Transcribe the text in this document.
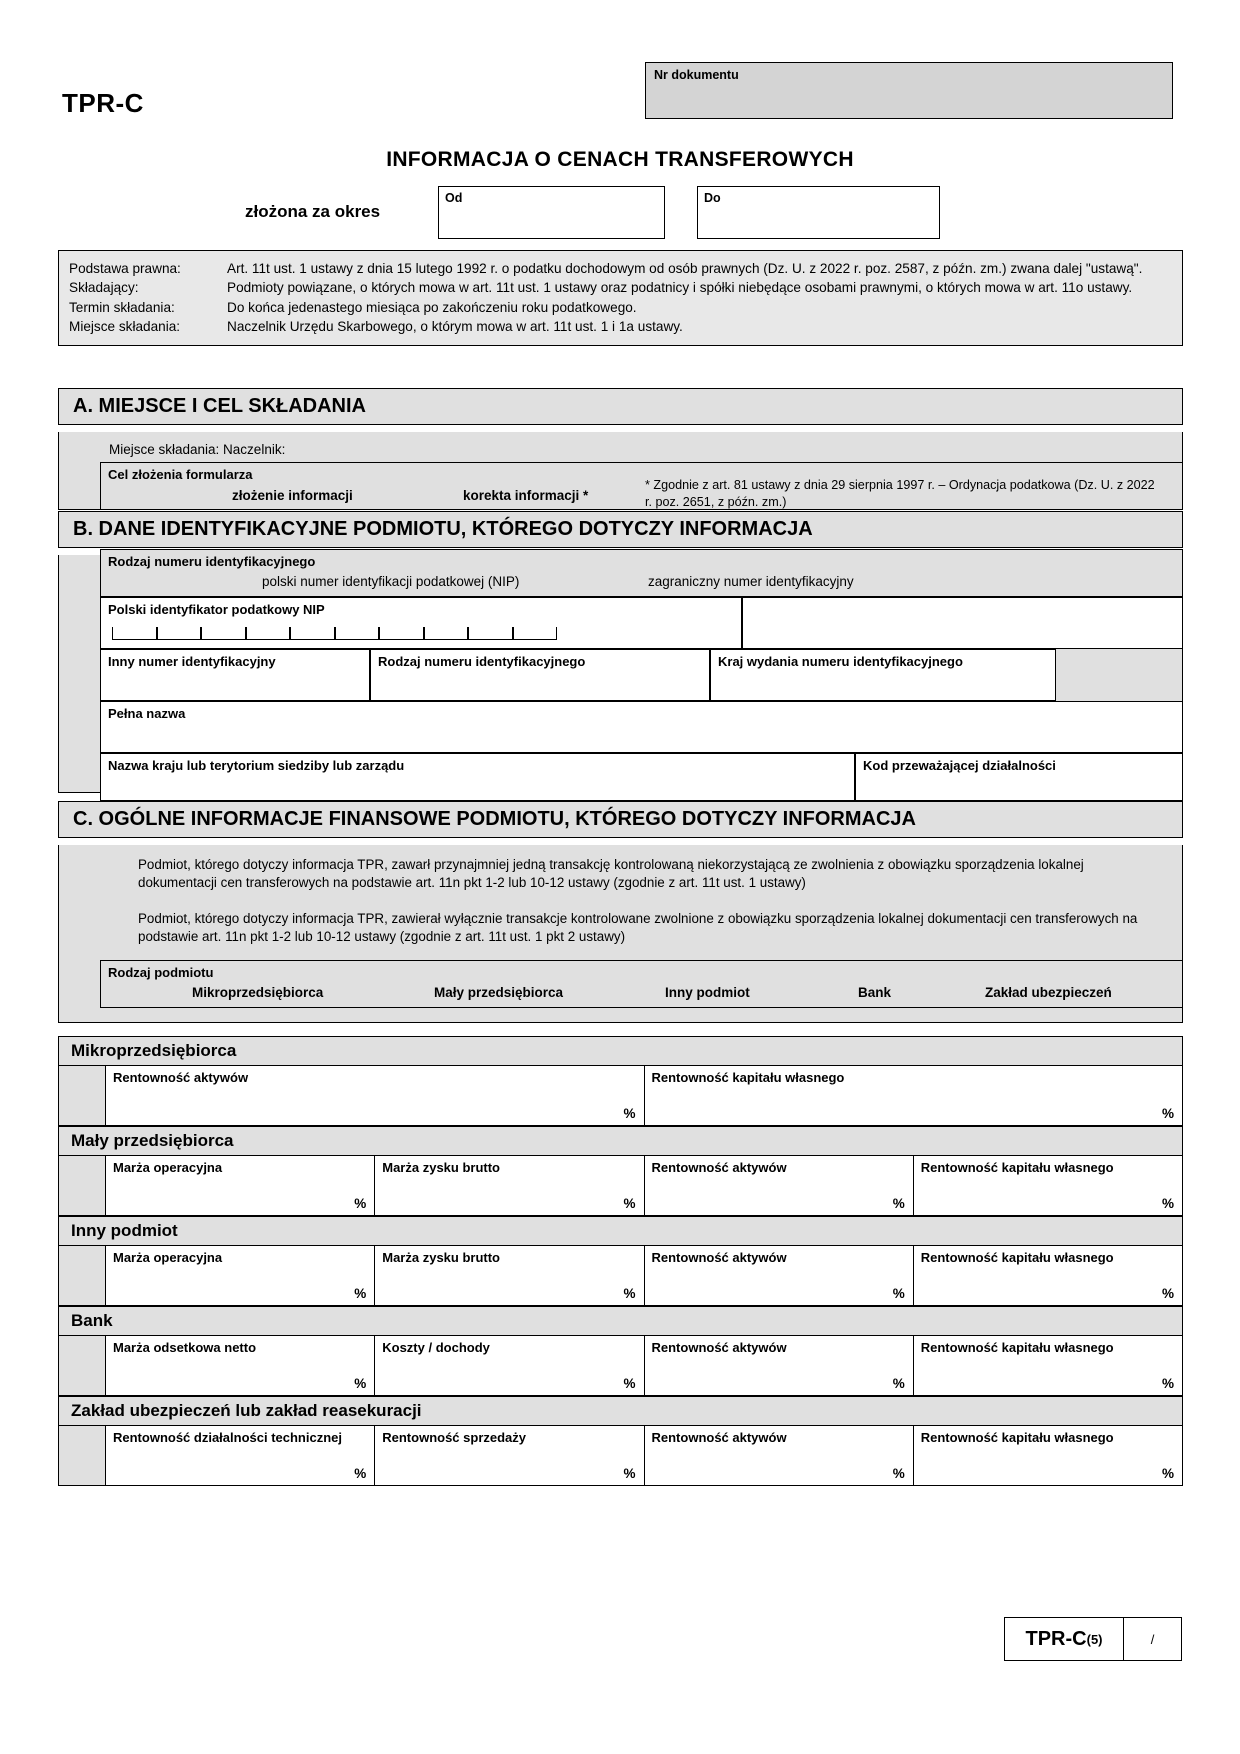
TPR-C
Nr dokumentu
INFORMACJA O CENACH TRANSFEROWYCH
złożona za okres
Od	Do
Podstawa prawna:	Art. 11t ust. 1 ustawy z dnia 15 lutego 1992 r. o podatku dochodowym od osób prawnych (Dz. U. z 2022 r. poz. 2587, z późn. zm.) zwana dalej "ustawą".
Składający:	Podmioty powiązane, o których mowa w art. 11t ust. 1 ustawy oraz podatnicy i spółki niebędące osobami prawnymi, o których mowa w art. 11o ustawy.
Termin składania:	Do końca jedenastego miesiąca po zakończeniu roku podatkowego.
Miejsce składania:	Naczelnik Urzędu Skarbowego, o którym mowa w art. 11t ust. 1 i 1a ustawy.
A. MIEJSCE I CEL SKŁADANIA
Miejsce składania: Naczelnik:
Cel złożenia formularza
złożenie informacji	korekta informacji *
* Zgodnie z art. 81 ustawy z dnia 29 sierpnia 1997 r. – Ordynacja podatkowa (Dz. U. z 2022 r. poz. 2651, z późn. zm.)
B. DANE IDENTYFIKACYJNE PODMIOTU, KTÓREGO DOTYCZY INFORMACJA
Rodzaj numeru identyfikacyjnego
polski numer identyfikacji podatkowej (NIP)	zagraniczny numer identyfikacyjny
Polski identyfikator podatkowy NIP
Inny numer identyfikacyjny	Rodzaj numeru identyfikacyjnego	Kraj wydania numeru identyfikacyjnego
Pełna nazwa
Nazwa kraju lub terytorium siedziby lub zarządu	Kod przeważającej działalności
C. OGÓLNE INFORMACJE FINANSOWE PODMIOTU, KTÓREGO DOTYCZY INFORMACJA
Podmiot, którego dotyczy informacja TPR, zawarł przynajmniej jedną transakcję kontrolowaną niekorzystającą ze zwolnienia z obowiązku sporządzenia lokalnej dokumentacji cen transferowych na podstawie art. 11n pkt 1-2 lub 10-12 ustawy (zgodnie z art. 11t ust. 1 ustawy)
Podmiot, którego dotyczy informacja TPR, zawierał wyłącznie transakcje kontrolowane zwolnione z obowiązku sporządzenia lokalnej dokumentacji cen transferowych na podstawie art. 11n pkt 1-2 lub 10-12 ustawy (zgodnie z art. 11t ust. 1 pkt 2 ustawy)
Rodzaj podmiotu
Mikroprzedsiębiorca	Mały przedsiębiorca	Inny podmiot	Bank	Zakład ubezpieczeń
Mikroprzedsiębiorca
Rentowność aktywów
%
Rentowność kapitału własnego
%
Mały przedsiębiorca
Marża operacyjna
%
Marża zysku brutto
%
Rentowność aktywów
%
Rentowność kapitału własnego
%
Inny podmiot
Marża operacyjna
%
Marża zysku brutto
%
Rentowność aktywów
%
Rentowność kapitału własnego
%
Bank
Marża odsetkowa netto
%
Koszty / dochody
%
Rentowność aktywów
%
Rentowność kapitału własnego
%
Zakład ubezpieczeń lub zakład reasekuracji
Rentowność działalności technicznej
%
Rentowność sprzedaży
%
Rentowność aktywów
%
Rentowność kapitału własnego
%
TPR-C (5)	/
